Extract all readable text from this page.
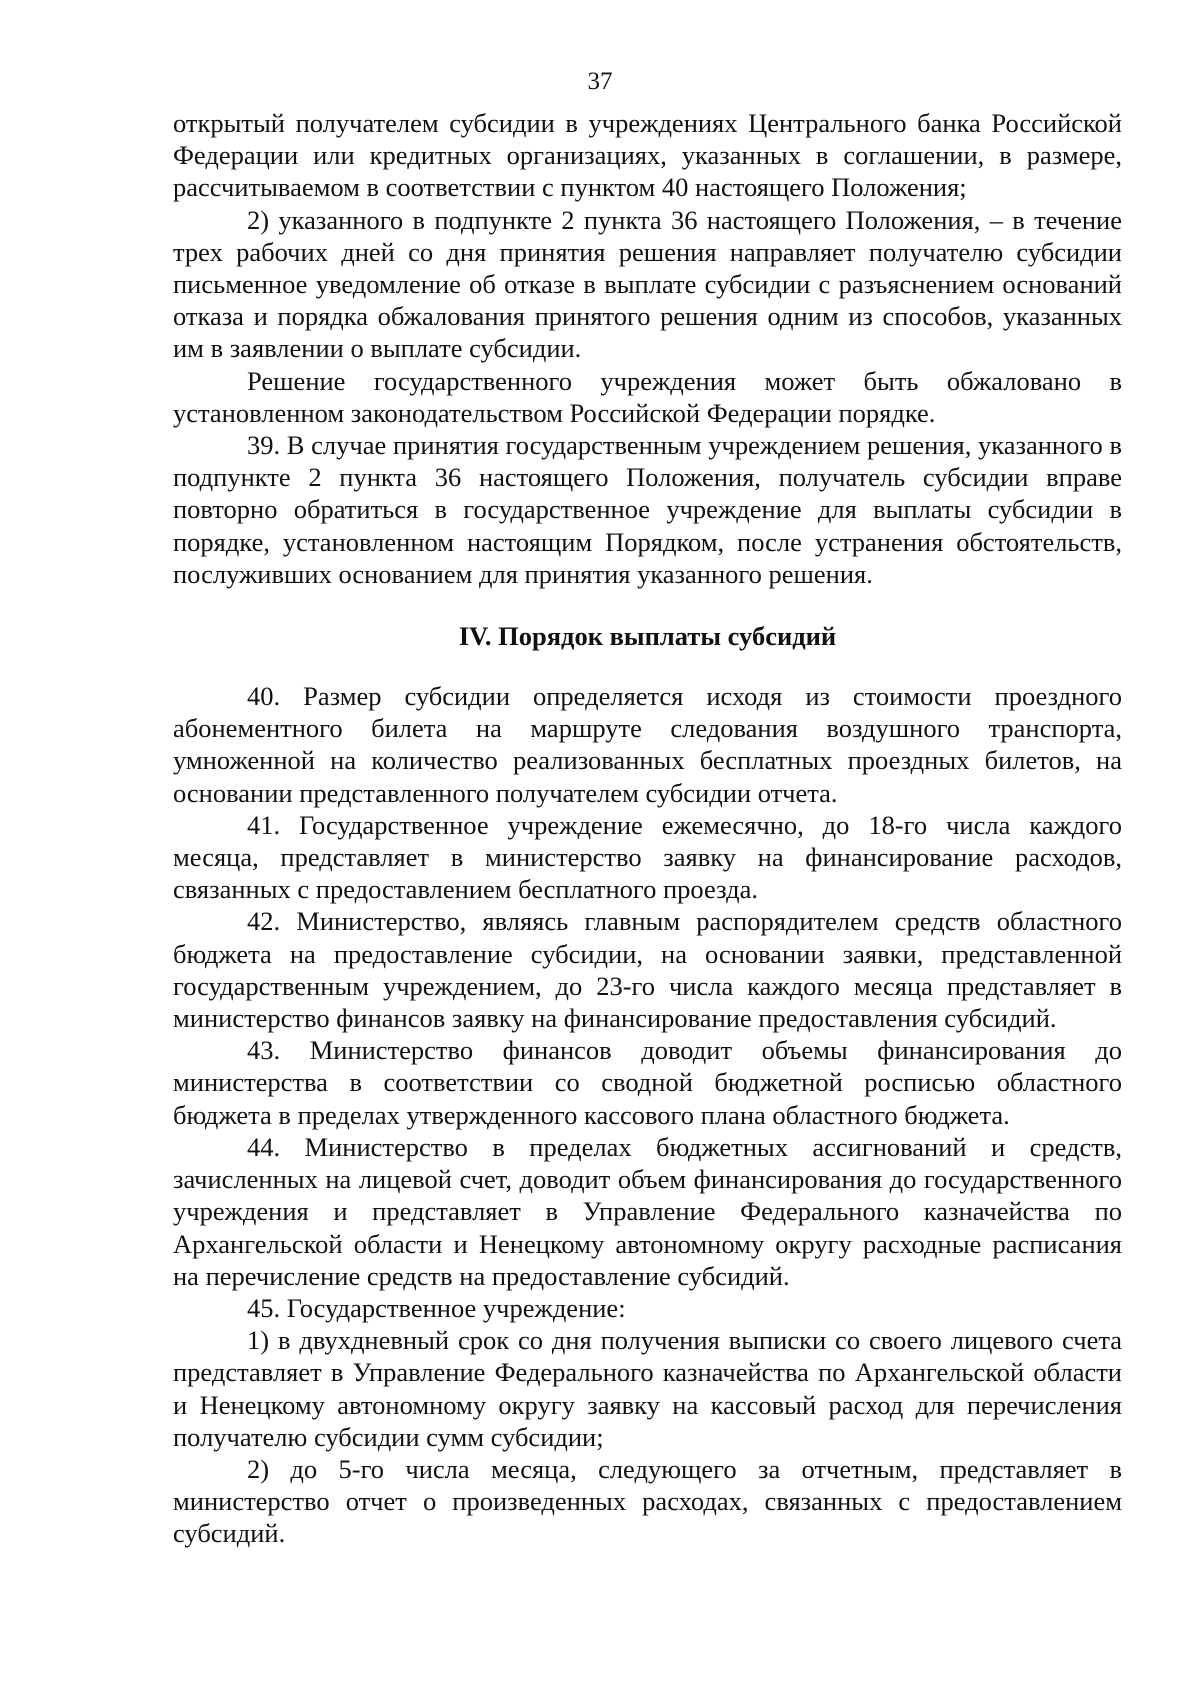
37

открытый получателем субсидии в учреждениях Центрального банка Российской Федерации или кредитных организациях, указанных в соглашении, в размере, рассчитываемом в соответствии с пунктом 40 настоящего Положения;

2) указанного в подпункте 2 пункта 36 настоящего Положения, – в течение трех рабочих дней со дня принятия решения направляет получателю субсидии письменное уведомление об отказе в выплате субсидии с разъяснением оснований отказа и порядка обжалования принятого решения одним из способов, указанных им в заявлении о выплате субсидии.

Решение государственного учреждения может быть обжаловано в установленном законодательством Российской Федерации порядке.

39. В случае принятия государственным учреждением решения, указанного в подпункте 2 пункта 36 настоящего Положения, получатель субсидии вправе повторно обратиться в государственное учреждение для выплаты субсидии в порядке, установленном настоящим Порядком, после устранения обстоятельств, послуживших основанием для принятия указанного решения.

IV. Порядок выплаты субсидий

40. Размер субсидии определяется исходя из стоимости проездного абонементного билета на маршруте следования воздушного транспорта, умноженной на количество реализованных бесплатных проездных билетов, на основании представленного получателем субсидии отчета.

41. Государственное учреждение ежемесячно, до 18-го числа каждого месяца, представляет в министерство заявку на финансирование расходов, связанных с предоставлением бесплатного проезда.

42. Министерство, являясь главным распорядителем средств областного бюджета на предоставление субсидии, на основании заявки, представленной государственным учреждением, до 23-го числа каждого месяца представляет в министерство финансов заявку на финансирование предоставления субсидий.

43. Министерство финансов доводит объемы финансирования до министерства в соответствии со сводной бюджетной росписью областного бюджета в пределах утвержденного кассового плана областного бюджета.

44. Министерство в пределах бюджетных ассигнований и средств, зачисленных на лицевой счет, доводит объем финансирования до государственного учреждения и представляет в Управление Федерального казначейства по Архангельской области и Ненецкому автономному округу расходные расписания на перечисление средств на предоставление субсидий.

45. Государственное учреждение:

1) в двухдневный срок со дня получения выписки со своего лицевого счета представляет в Управление Федерального казначейства по Архангельской области и Ненецкому автономному округу заявку на кассовый расход для перечисления получателю субсидии сумм субсидии;

2) до 5-го числа месяца, следующего за отчетным, представляет в министерство отчет о произведенных расходах, связанных с предоставлением субсидий.
